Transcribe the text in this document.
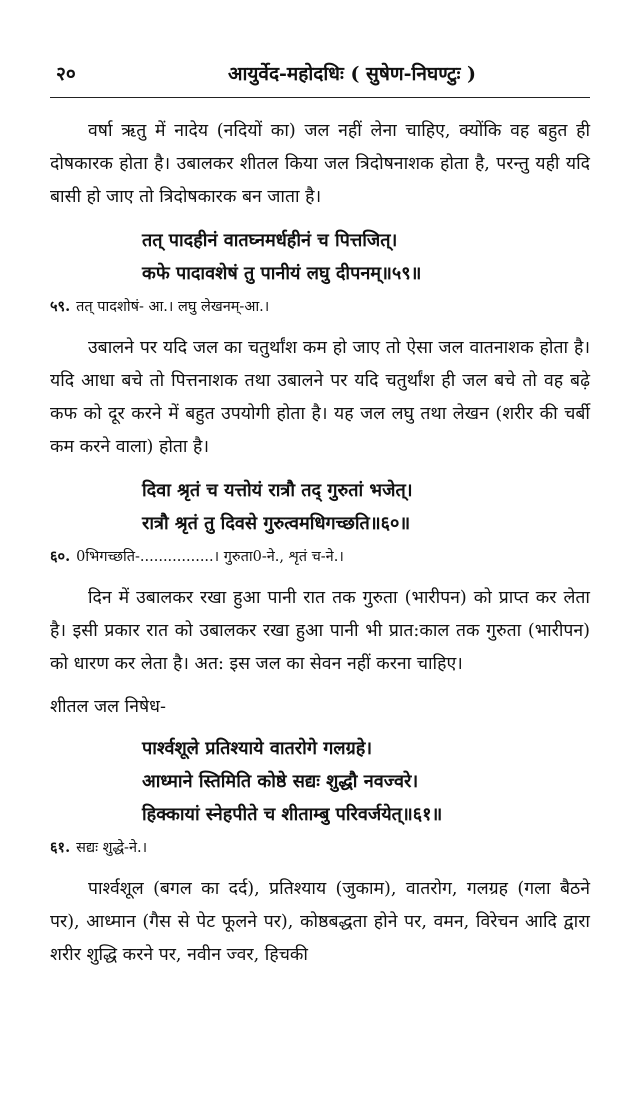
२०	आयुर्वेद-महोदधिः ( सुषेण-निघण्टुः )

वर्षा ऋतु में नादेय (नदियों का) जल नहीं लेना चाहिए, क्योंकि वह बहुत ही दोषकारक होता है। उबालकर शीतल किया जल त्रिदोषनाशक होता है, परन्तु यही यदि बासी हो जाए तो त्रिदोषकारक बन जाता है।

तत् पादहीनं वातघ्नमर्धहीनं च पित्तजित्।
कफे पादावशेषं तु पानीयं लघु दीपनम्॥५९॥
५९. तत् पादशोषं- आ.। लघु लेखनम्-आ.।

उबालने पर यदि जल का चतुर्थांश कम हो जाए तो ऐसा जल वातनाशक होता है। यदि आधा बचे तो पित्तनाशक तथा उबालने पर यदि चतुर्थांश ही जल बचे तो वह बढ़े कफ को दूर करने में बहुत उपयोगी होता है। यह जल लघु तथा लेखन (शरीर की चर्बी कम करने वाला) होता है।

दिवा श्रृतं च यत्तोयं रात्रौ तद् गुरुतां भजेत्।
रात्रौ श्रृतं तु दिवसे गुरुत्वमधिगच्छति॥६०॥
६०. 0भिगच्छति-................। गुरुता0-ने., शृतं च-ने.।

दिन में उबालकर रखा हुआ पानी रात तक गुरुता (भारीपन) को प्राप्त कर लेता है। इसी प्रकार रात को उबालकर रखा हुआ पानी भी प्रात:काल तक गुरुता (भारीपन) को धारण कर लेता है। अत: इस जल का सेवन नहीं करना चाहिए।

शीतल जल निषेध-
पार्श्वशूले प्रतिश्याये वातरोगे गलग्रहे।
आध्माने स्तिमिति कोष्ठे सद्यः शुद्धौ नवज्वरे।
हिक्कायां स्नेहपीते च शीताम्बु परिवर्जयेत्॥६१॥
६१. सद्यः शुद्धे-ने.।

पार्श्वशूल (बगल का दर्द), प्रतिश्याय (जुकाम), वातरोग, गलग्रह (गला बैठने पर), आध्मान (गैस से पेट फूलने पर), कोष्ठबद्धता होने पर, वमन, विरेचन आदि द्वारा शरीर शुद्धि करने पर, नवीन ज्वर, हिचकी
